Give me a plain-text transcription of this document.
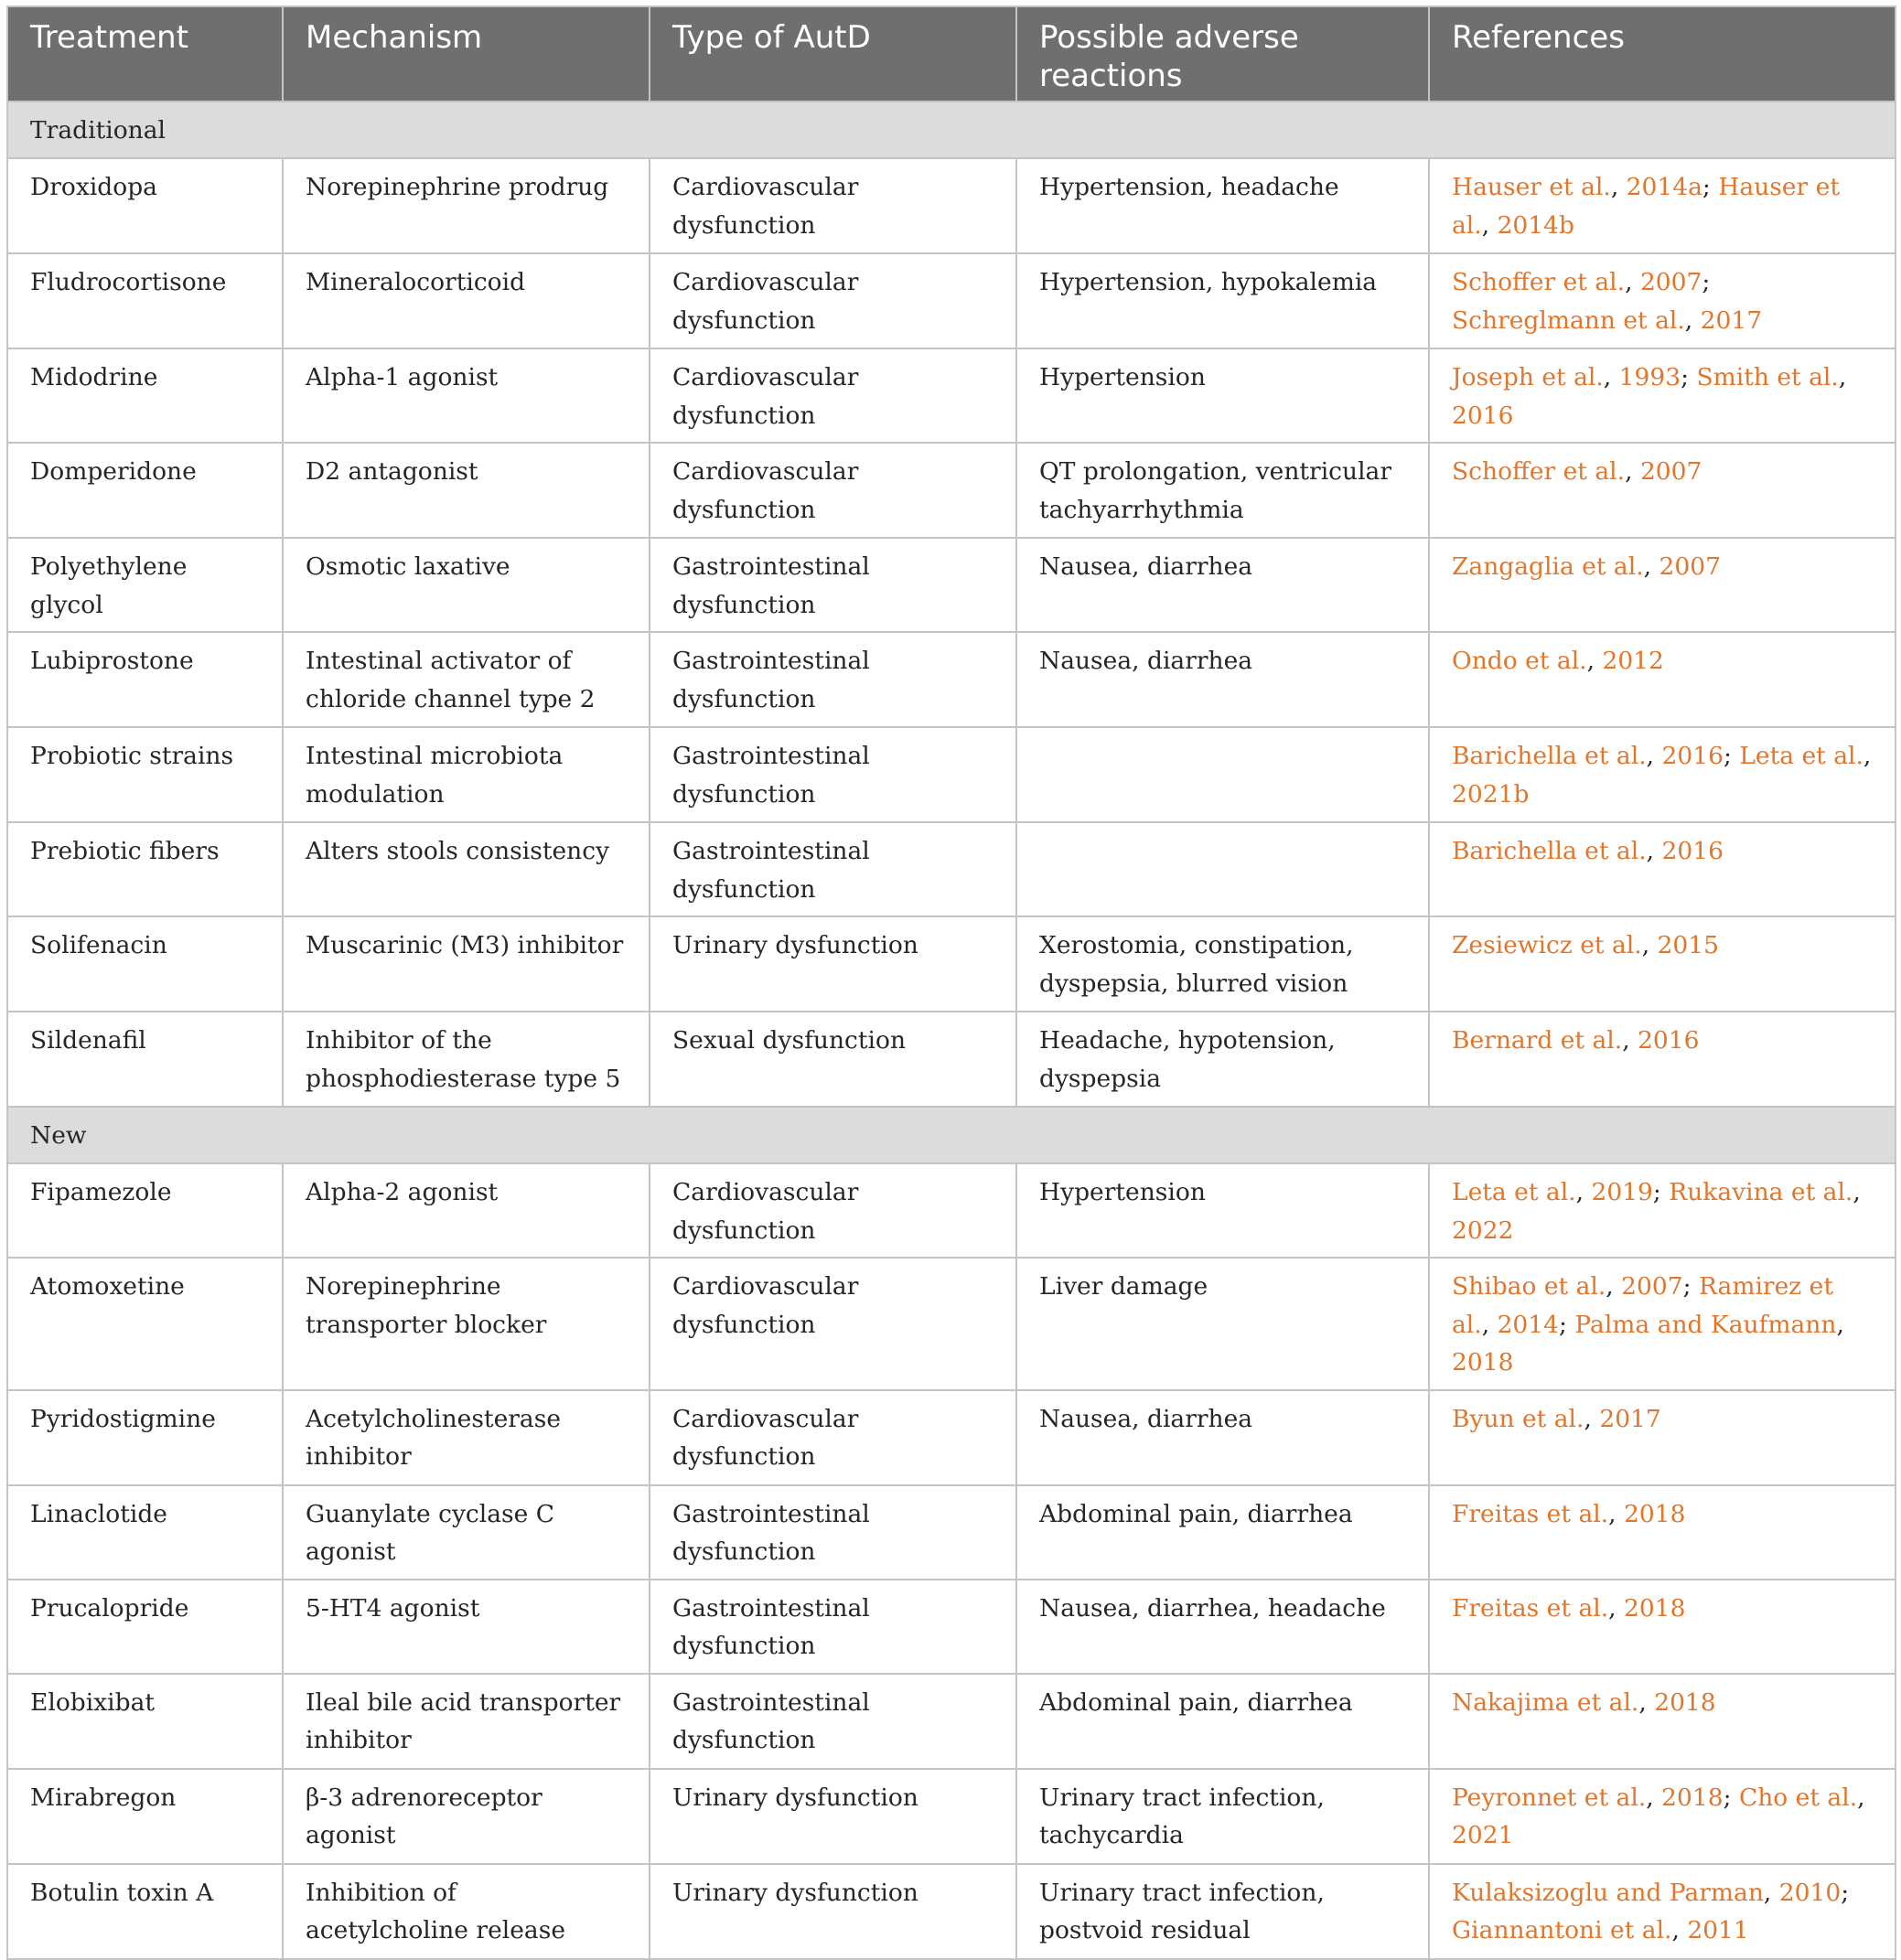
Treatment	Mechanism	Type of AutD	Possible adverse reactions	References
Traditional				
Droxidopa	Norepinephrine prodrug	Cardiovascular dysfunction	Hypertension, headache	Hauser et al., 2014a; Hauser et al., 2014b
Fludrocortisone	Mineralocorticoid	Cardiovascular dysfunction	Hypertension, hypokalemia	Schoffer et al., 2007; Schreglmann et al., 2017
Midodrine	Alpha-1 agonist	Cardiovascular dysfunction	Hypertension	Joseph et al., 1993; Smith et al., 2016
Domperidone	D2 antagonist	Cardiovascular dysfunction	QT prolongation, ventricular tachyarrhythmia	Schoffer et al., 2007
Polyethylene glycol	Osmotic laxative	Gastrointestinal dysfunction	Nausea, diarrhea	Zangaglia et al., 2007
Lubiprostone	Intestinal activator of chloride channel type 2	Gastrointestinal dysfunction	Nausea, diarrhea	Ondo et al., 2012
Probiotic strains	Intestinal microbiota modulation	Gastrointestinal dysfunction		Barichella et al., 2016; Leta et al., 2021b
Prebiotic fibers	Alters stools consistency	Gastrointestinal dysfunction		Barichella et al., 2016
Solifenacin	Muscarinic (M3) inhibitor	Urinary dysfunction	Xerostomia, constipation, dyspepsia, blurred vision	Zesiewicz et al., 2015
Sildenafil	Inhibitor of the phosphodiesterase type 5	Sexual dysfunction	Headache, hypotension, dyspepsia	Bernard et al., 2016
New				
Fipamezole	Alpha-2 agonist	Cardiovascular dysfunction	Hypertension	Leta et al., 2019; Rukavina et al., 2022
Atomoxetine	Norepinephrine transporter blocker	Cardiovascular dysfunction	Liver damage	Shibao et al., 2007; Ramirez et al., 2014; Palma and Kaufmann, 2018
Pyridostigmine	Acetylcholinesterase inhibitor	Cardiovascular dysfunction	Nausea, diarrhea	Byun et al., 2017
Linaclotide	Guanylate cyclase C agonist	Gastrointestinal dysfunction	Abdominal pain, diarrhea	Freitas et al., 2018
Prucalopride	5-HT4 agonist	Gastrointestinal dysfunction	Nausea, diarrhea, headache	Freitas et al., 2018
Elobixibat	Ileal bile acid transporter inhibitor	Gastrointestinal dysfunction	Abdominal pain, diarrhea	Nakajima et al., 2018
Mirabregon	β-3 adrenoreceptor agonist	Urinary dysfunction	Urinary tract infection, tachycardia	Peyronnet et al., 2018; Cho et al., 2021
Botulin toxin A	Inhibition of acetylcholine release	Urinary dysfunction	Urinary tract infection, postvoid residual	Kulaksizoglu and Parman, 2010; Giannantoni et al., 2011
